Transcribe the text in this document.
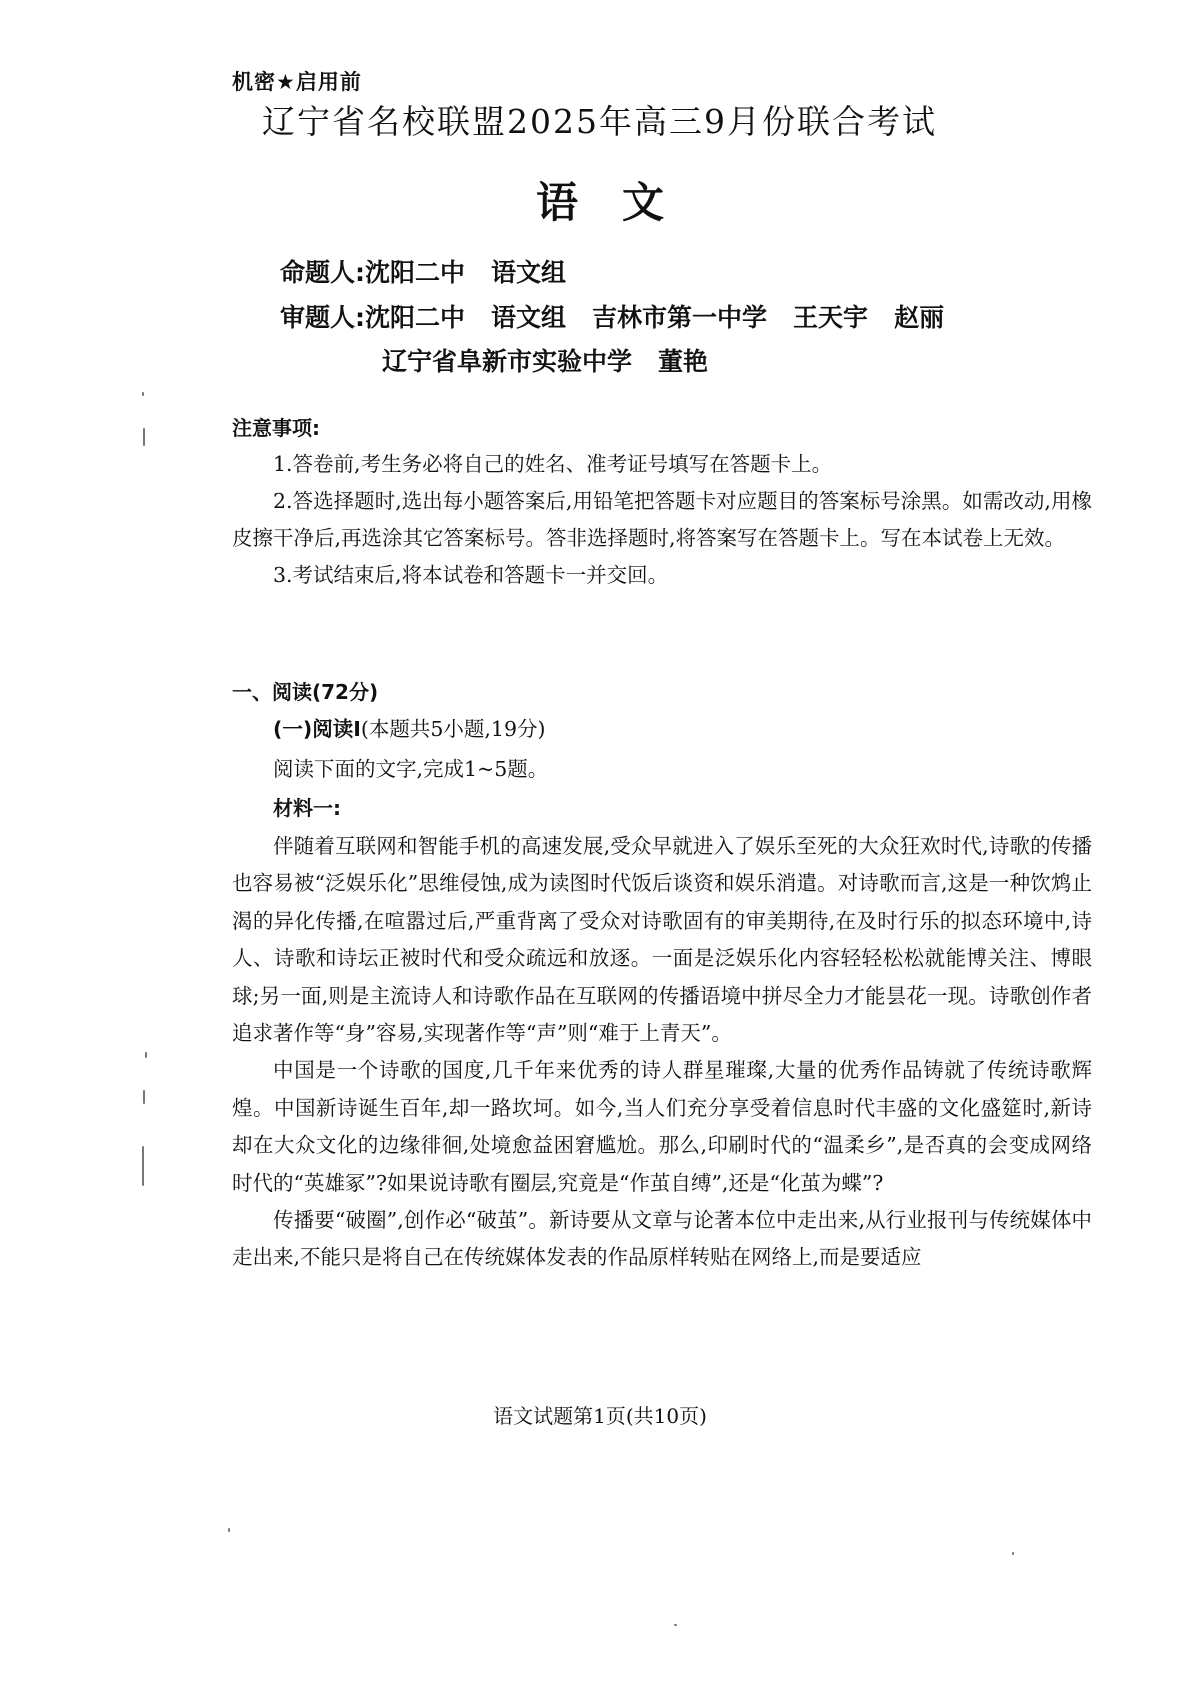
机密★启用前
辽宁省名校联盟2025年高三9月份联合考试
语文
命题人:沈阳二中 语文组
审题人:沈阳二中 语文组 吉林市第一中学 王天宇 赵丽
辽宁省阜新市实验中学 董艳
注意事项:

1.答卷前,考生务必将自己的姓名、准考证号填写在答题卡上。

2.答选择题时,选出每小题答案后,用铅笔把答题卡对应题目的答案标号涂黑。如需改动,用橡皮擦干净后,再选涂其它答案标号。答非选择题时,将答案写在答题卡上。写在本试卷上无效。

3.考试结束后,将本试卷和答题卡一并交回。

一、阅读(72分)
(一)阅读Ⅰ(本题共5小题,19分)
阅读下面的文字,完成1~5题。
材料一:

伴随着互联网和智能手机的高速发展,受众早就进入了娱乐至死的大众狂欢时代,诗歌的传播也容易被“泛娱乐化”思维侵蚀,成为读图时代饭后谈资和娱乐消遣。对诗歌而言,这是一种饮鸩止渴的异化传播,在喧嚣过后,严重背离了受众对诗歌固有的审美期待,在及时行乐的拟态环境中,诗人、诗歌和诗坛正被时代和受众疏远和放逐。一面是泛娱乐化内容轻轻松松就能博关注、博眼球;另一面,则是主流诗人和诗歌作品在互联网的传播语境中拼尽全力才能昙花一现。诗歌创作者追求著作等“身”容易,实现著作等“声”则“难于上青天”。

中国是一个诗歌的国度,几千年来优秀的诗人群星璀璨,大量的优秀作品铸就了传统诗歌辉煌。中国新诗诞生百年,却一路坎坷。如今,当人们充分享受着信息时代丰盛的文化盛筵时,新诗却在大众文化的边缘徘徊,处境愈益困窘尴尬。那么,印刷时代的“温柔乡”,是否真的会变成网络时代的“英雄冢”?如果说诗歌有圈层,究竟是“作茧自缚”,还是“化茧为蝶”?

传播要“破圈”,创作必“破茧”。新诗要从文章与论著本位中走出来,从行业报刊与传统媒体中走出来,不能只是将自己在传统媒体发表的作品原样转贴在网络上,而是要适应

语文试题第1页(共10页)
